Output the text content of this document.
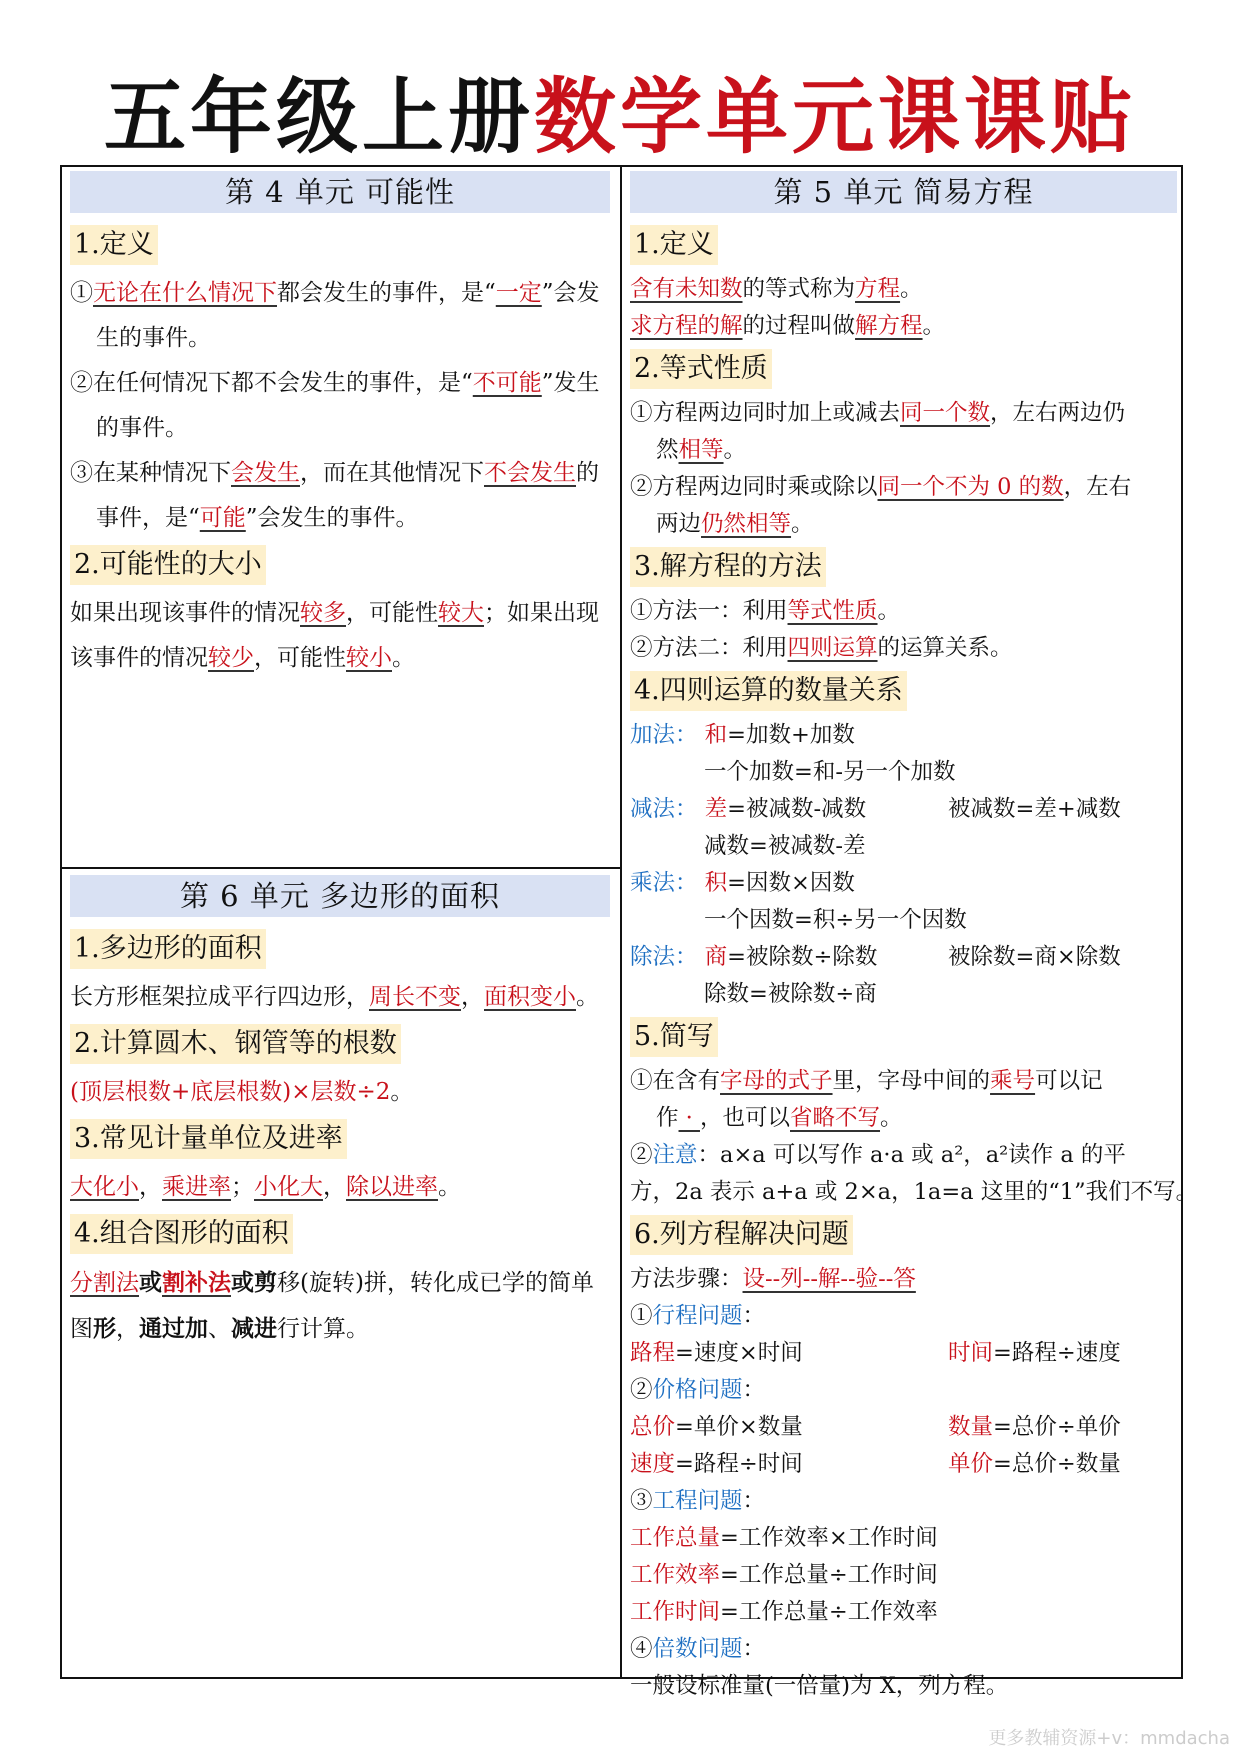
五年级上册数学单元课课贴
第 4 单元 可能性
1.定义

①无论在什么情况下都会发生的事件，是“一定”会发生的事件。

②在任何情况下都不会发生的事件，是“不可能”发生的事件。

③在某种情况下会发生，而在其他情况下不会发生的事件，是“可能”会发生的事件。

2.可能性的大小

如果出现该事件的情况较多，可能性较大；如果出现该事件的情况较少，可能性较小。

第 6 单元 多边形的面积
1.多边形的面积

长方形框架拉成平行四边形，周长不变，面积变小。

2.计算圆木、钢管等的根数

(顶层根数+底层根数)×层数÷2。

3.常见计量单位及进率

大化小，乘进率；小化大，除以进率。

4.组合图形的面积

分割法或割补法或剪移(旋转)拼，转化成已学的简单图形，通过加、减进行计算。

第 5 单元 简易方程
1.定义
含有未知数的等式称为方程。
求方程的解的过程叫做解方程。
2.等式性质
①方程两边同时加上或减去同一个数，左右两边仍
然相等。
②方程两边同时乘或除以同一个不为 0 的数，左右
两边仍然相等。
3.解方程的方法
①方法一：利用等式性质。
②方法二：利用四则运算的运算关系。
4.四则运算的数量关系
加法： 和=加数+加数
一个加数=和-另一个加数
减法： 差=被减数-减数	被减数=差+减数
减数=被减数-差
乘法： 积=因数×因数
一个因数=积÷另一个因数
除法： 商=被除数÷除数	被除数=商×除数
除数=被除数÷商
5.简写
①在含有字母的式子里，字母中间的乘号可以记
作 · ，也可以省略不写。
②注意：a×a 可以写作 a·a 或 a²，a²读作 a 的平
方，2a 表示 a+a 或 2×a，1a=a 这里的“1”我们不写。
6.列方程解决问题
方法步骤：设--列--解--验--答
①行程问题：
路程=速度×时间	时间=路程÷速度
②价格问题：
总价=单价×数量	数量=总价÷单价
速度=路程÷时间	单价=总价÷数量
③工程问题：
工作总量=工作效率×工作时间
工作效率=工作总量÷工作时间
工作时间=工作总量÷工作效率
④倍数问题：
一般设标准量(一倍量)为 X，列方程。
更多教辅资源+v：mmdacha
